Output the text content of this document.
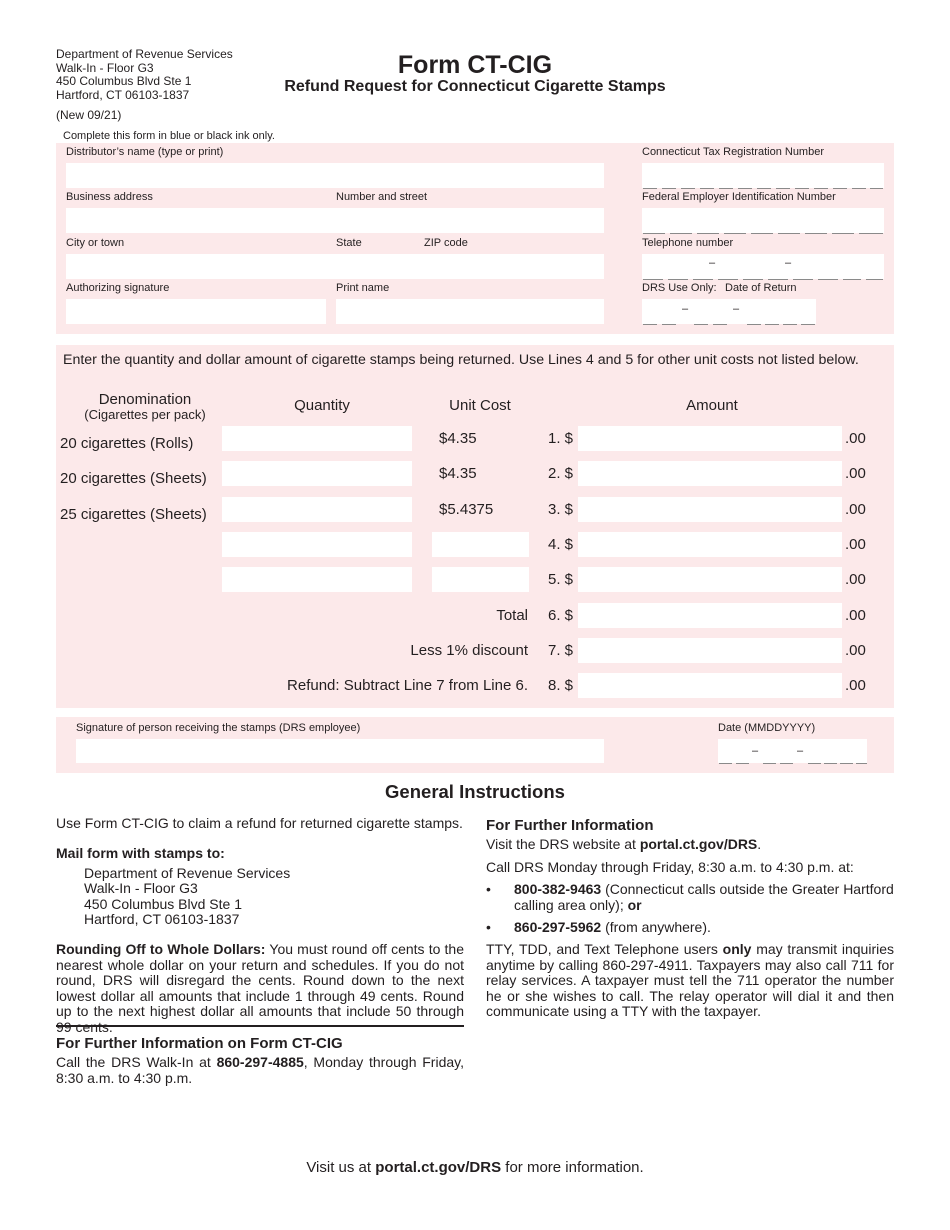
Department of Revenue Services
Walk-In - Floor G3
450 Columbus Blvd Ste 1
Hartford, CT 06103-1837
(New 09/21)
Form CT-CIG
Refund Request for Connecticut Cigarette Stamps
Complete this form in blue or black ink only.
Distributor’s name (type or print)	Connecticut Tax Registration Number
Business address	Number and street	Federal Employer Identification Number
City or town	State	ZIP code	Telephone number
–	–
Authorizing signature	Print name	DRS Use Only: Date of Return
–	–
Enter the quantity and dollar amount of cigarette stamps being returned. Use Lines 4 and 5 for other unit costs not listed below.
Denomination
(Cigarettes per pack)
Quantity	Unit Cost	Amount
20 cigarettes (Rolls)	$4.35	1. $	.00
20 cigarettes (Sheets)	$4.35	2. $	.00
25 cigarettes (Sheets)	$5.4375	3. $	.00
4. $	.00
5. $	.00
Total 6. $	.00
Less 1% discount 7. $	.00
Refund: Subtract Line 7 from Line 6. 8. $	.00
Signature of person receiving the stamps (DRS employee)	Date (MMDDYYYY)
–	–
General Instructions
Use Form CT-CIG to claim a refund for returned cigarette stamps.
Mail form with stamps to:
Department of Revenue Services
Walk-In - Floor G3
450 Columbus Blvd Ste 1
Hartford, CT 06103-1837
Rounding Off to Whole Dollars: You must round off cents to the nearest whole dollar on your return and schedules. If you do not round, DRS will disregard the cents. Round down to the next lowest dollar all amounts that include 1 through 49 cents. Round up to the next highest dollar all amounts that include 50 through
For Further Information on Form CT-CIG
Call the DRS Walk-In at 860-297-4885, Monday through Friday, 8:30 a.m. to 4:30 p.m.
For Further Information
Visit the DRS website at portal.ct.gov/DRS.
Call DRS Monday through Friday, 8:30 a.m. to 4:30 p.m. at:
• 800-382-9463 (Connecticut calls outside the Greater Hartford calling area only); or
• 860-297-5962 (from anywhere).
TTY, TDD, and Text Telephone users only may transmit inquiries anytime by calling 860-297-4911. Taxpayers may also call 711 for relay services. A taxpayer must tell the 711 operator the number he or she wishes to call. The relay operator will dial it and then communicate using a TTY with the taxpayer.
Visit us at portal.ct.gov/DRS for more information.
